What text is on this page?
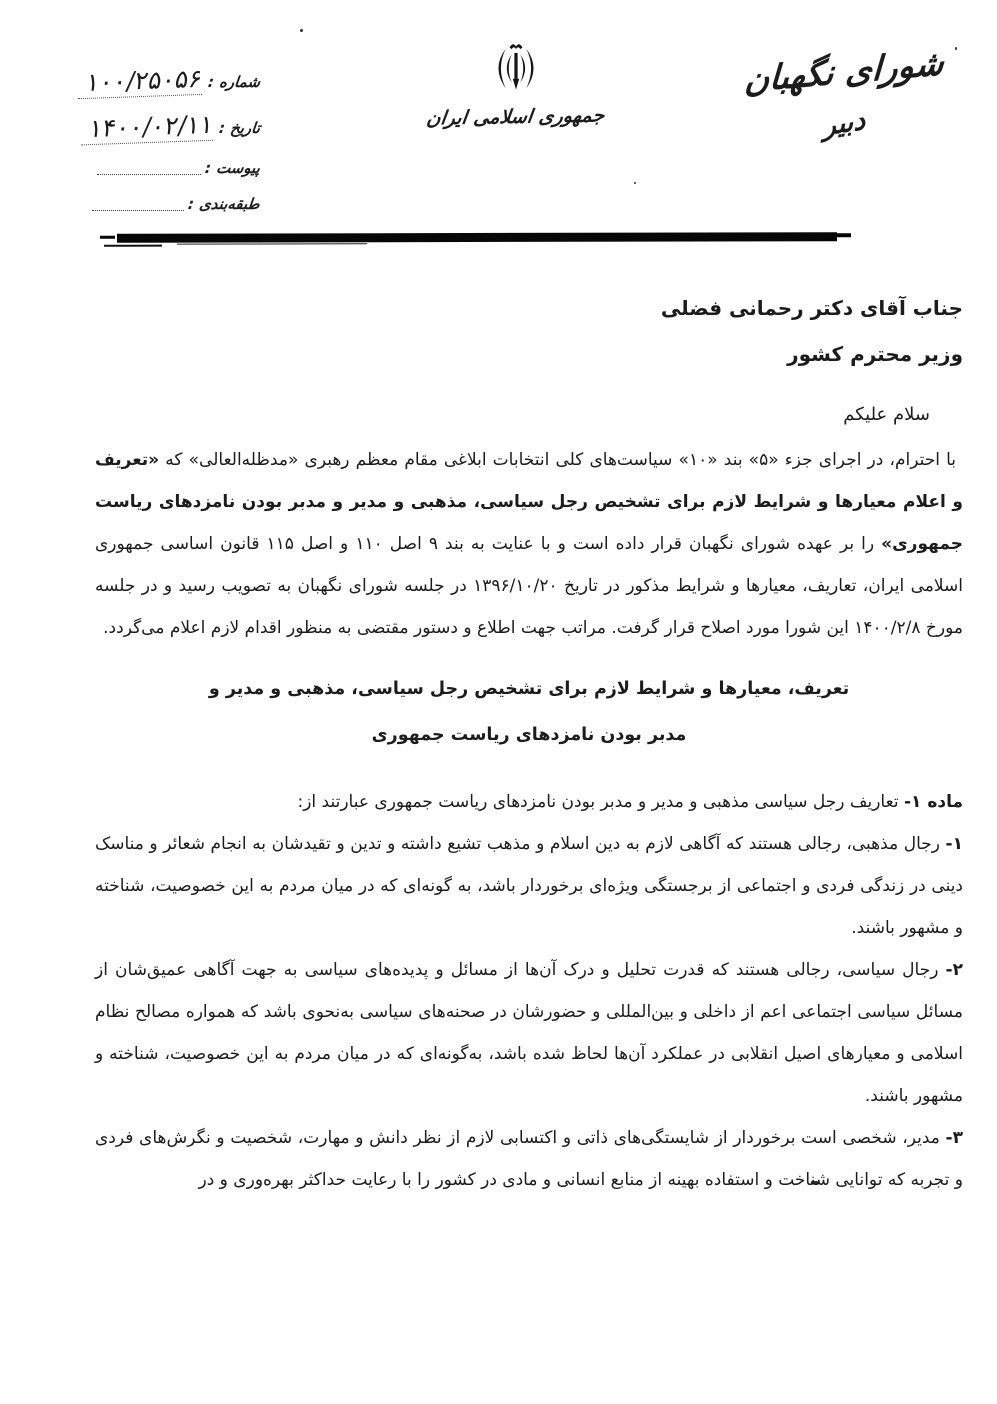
شورای نگهبان
دبیر
جمهوری اسلامی ایران
شماره :
۱۰۰/۲۵۰۵۶
تاریخ :
۱۴۰۰/۰۲/۱۱
پیوست :
طبقه‌بندی :
جناب آقای دکتر رحمانی فضلی
وزیر محترم کشور
سلام علیکم

با احترام، در اجرای جزء «۵» بند «۱۰» سیاست‌های کلی انتخابات ابلاغی مقام معظم رهبری «مدظله‌العالی» که «تعریف و اعلام معیارها و شرایط لازم برای تشخیص رجل سیاسی، مذهبی و مدیر و مدبر بودن نامزدهای ریاست جمهوری» را بر عهده شورای نگهبان قرار داده است و با عنایت به بند ۹ اصل ۱۱۰ و اصل ۱۱۵ قانون اساسی جمهوری اسلامی ایران، تعاریف، معیارها و شرایط مذکور در تاریخ ۱۳۹۶/۱۰/۲۰ در جلسه شورای نگهبان به تصویب رسید و در جلسه مورخ ۱۴۰۰/۲/۸ این شورا مورد اصلاح قرار گرفت. مراتب جهت اطلاع و دستور مقتضی به منظور اقدام لازم اعلام می‌گردد.

تعریف، معیارها و شرایط لازم برای تشخیص رجل سیاسی، مذهبی و مدیر و
مدبر بودن نامزدهای ریاست جمهوری

ماده ۱- تعاریف رجل سیاسی مذهبی و مدیر و مدبر بودن نامزدهای ریاست جمهوری عبارتند از:

۱- رجال مذهبی، رجالی هستند که آگاهی لازم به دین اسلام و مذهب تشیع داشته و تدین و تقیدشان به انجام شعائر و مناسک دینی در زندگی فردی و اجتماعی از برجستگی ویژه‌ای برخوردار باشد، به گونه‌ای که در میان مردم به این خصوصیت، شناخته و مشهور باشند.

۲- رجال سیاسی، رجالی هستند که قدرت تحلیل و درک آن‌ها از مسائل و پدیده‌های سیاسی به جهت آگاهی عمیق‌شان از مسائل سیاسی اجتماعی اعم از داخلی و بین‌المللی و حضورشان در صحنه‌های سیاسی به‌نحوی باشد که همواره مصالح نظام اسلامی و معیارهای اصیل انقلابی در عملکرد آن‌ها لحاظ شده باشد، به‌گونه‌ای که در میان مردم به این خصوصیت، شناخته و مشهور باشند.

۳- مدیر، شخصی است برخوردار از شایستگی‌های ذاتی و اکتسابی لازم از نظر دانش و مهارت، شخصیت و نگرش‌های فردی و تجربه که توانایی شناخت و استفاده بهینه از منابع انسانی و مادی در کشور را با رعایت حداکثر بهره‌وری و در
